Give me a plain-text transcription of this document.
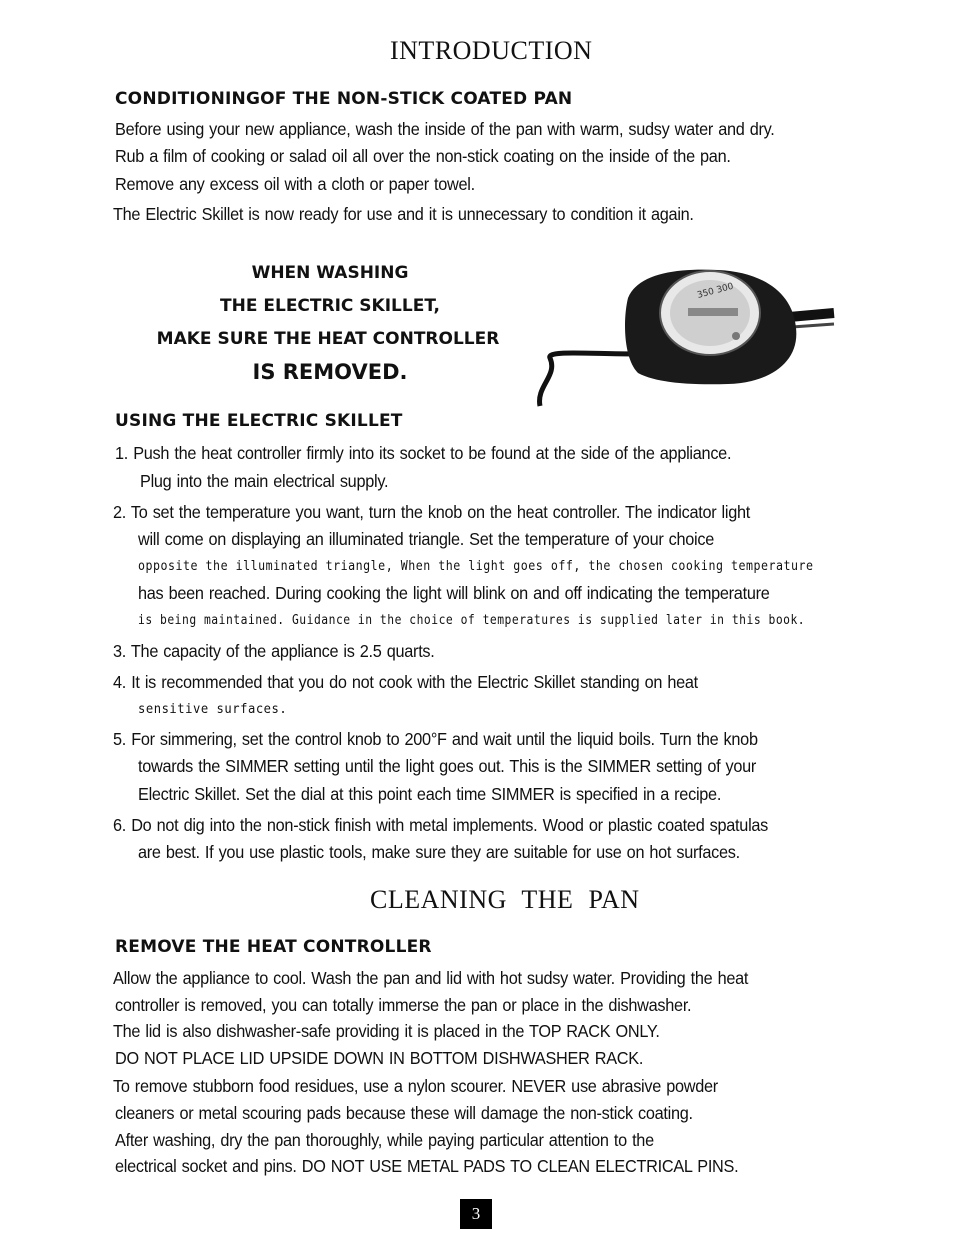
INTRODUCTION
CONDITIONINGOF THE NON-STICK COATED PAN
Before using your new appliance, wash the inside of the pan with warm, sudsy water and dry.
Rub a film of cooking or salad oil all over the non-stick coating on the inside of the pan.
Remove any excess oil with a cloth or paper towel.
The Electric Skillet is now ready for use and it is unnecessary to condition it again.
WHEN WASHING
THE ELECTRIC SKILLET,
MAKE SURE THE HEAT CONTROLLER
IS REMOVED.
350 300
USING THE ELECTRIC SKILLET
1. Push the heat controller firmly into its socket to be found at the side of the appliance.
Plug into the main electrical supply.
2. To set the temperature you want, turn the knob on the heat controller. The indicator light
will come on displaying an illuminated triangle. Set the temperature of your choice
opposite the illuminated triangle, When the light goes off, the chosen cooking temperature
has been reached. During cooking the light will blink on and off indicating the temperature
is being maintained. Guidance in the choice of temperatures is supplied later in this book.
3. The capacity of the appliance is 2.5 quarts.
4. It is recommended that you do not cook with the Electric Skillet standing on heat
sensitive surfaces.
5. For simmering, set the control knob to 200°F and wait until the liquid boils. Turn the knob
towards the SIMMER setting until the light goes out. This is the SIMMER setting of your
Electric Skillet. Set the dial at this point each time SIMMER is specified in a recipe.
6. Do not dig into the non-stick finish with metal implements. Wood or plastic coated spatulas
are best. If you use plastic tools, make sure they are suitable for use on hot surfaces.
CLEANING THE PAN
REMOVE THE HEAT CONTROLLER
Allow the appliance to cool. Wash the pan and lid with hot sudsy water. Providing the heat
controller is removed, you can totally immerse the pan or place in the dishwasher.
The lid is also dishwasher-safe providing it is placed in the TOP RACK ONLY.
DO NOT PLACE LID UPSIDE DOWN IN BOTTOM DISHWASHER RACK.
To remove stubborn food residues, use a nylon scourer. NEVER use abrasive powder
cleaners or metal scouring pads because these will damage the non-stick coating.
After washing, dry the pan thoroughly, while paying particular attention to the
electrical socket and pins. DO NOT USE METAL PADS TO CLEAN ELECTRICAL PINS.
3
